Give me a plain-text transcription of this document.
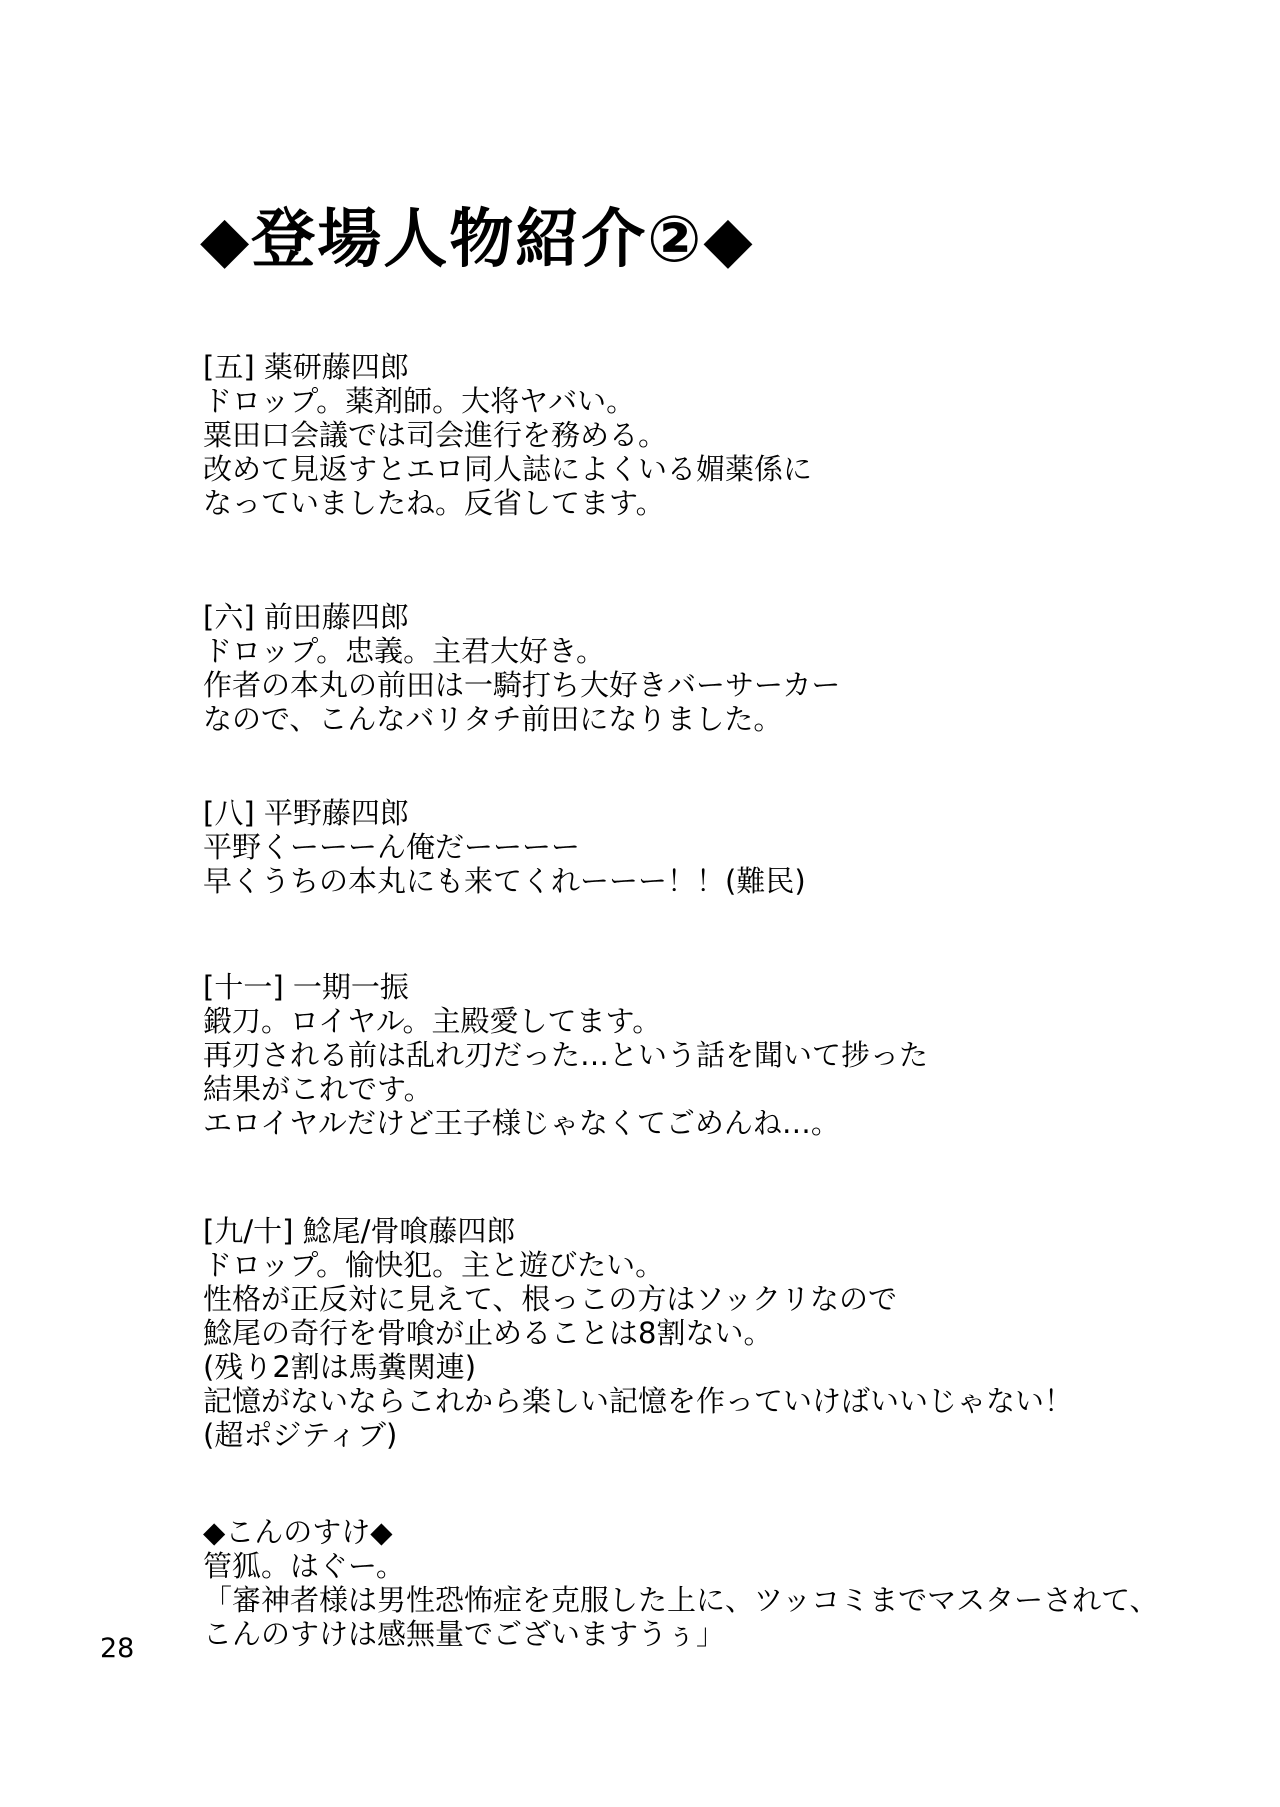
◆登場人物紹介②◆
[五] 薬研藤四郎
ドロップ。薬剤師。大将ヤバい。
粟田口会議では司会進行を務める。
改めて見返すとエロ同人誌によくいる媚薬係に
なっていましたね。反省してます。
[六] 前田藤四郎
ドロップ。忠義。主君大好き。
作者の本丸の前田は一騎打ち大好きバーサーカー
なので、こんなバリタチ前田になりました。
[八] 平野藤四郎
平野くーーーん俺だーーーー
早くうちの本丸にも来てくれーーー！！(難民)
[十一] 一期一振
鍛刀。ロイヤル。主殿愛してます。
再刃される前は乱れ刃だった…という話を聞いて捗った
結果がこれです。
エロイヤルだけど王子様じゃなくてごめんね…。
[九/十] 鯰尾/骨喰藤四郎
ドロップ。愉快犯。主と遊びたい。
性格が正反対に見えて、根っこの方はソックリなので
鯰尾の奇行を骨喰が止めることは8割ない。
(残り2割は馬糞関連)
記憶がないならこれから楽しい記憶を作っていけばいいじゃない！
(超ポジティブ)
◆こんのすけ◆
管狐。はぐー。
「審神者様は男性恐怖症を克服した上に、ツッコミまでマスターされて、
こんのすけは感無量でございますうぅ」
28
